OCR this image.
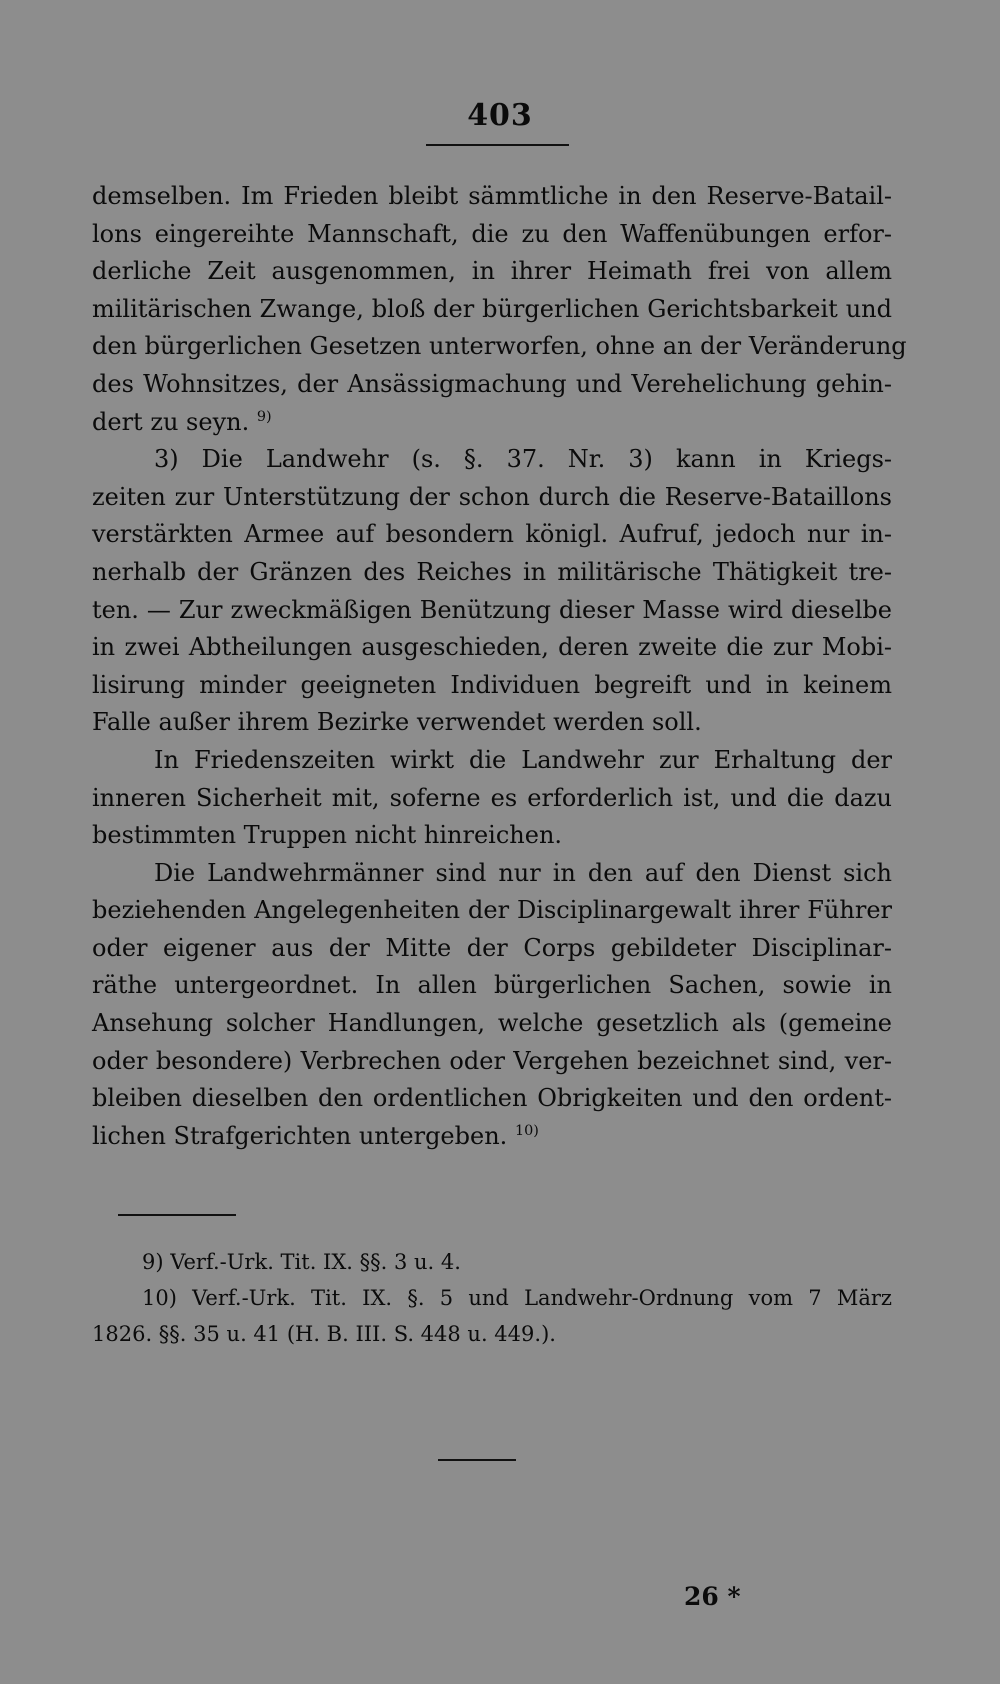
403
demselben. Im Frieden bleibt sämmtliche in den Reserve-Batail-
lons eingereihte Mannschaft, die zu den Waffenübungen erfor-
derliche Zeit ausgenommen, in ihrer Heimath frei von allem
militärischen Zwange, bloß der bürgerlichen Gerichtsbarkeit und
den bürgerlichen Gesetzen unterworfen, ohne an der Veränderung
des Wohnsitzes, der Ansässigmachung und Verehelichung gehin-
dert zu seyn. $^{9)}$
3) Die Landwehr (s. §. 37. Nr. 3) kann in Kriegs-
zeiten zur Unterstützung der schon durch die Reserve-Bataillons
verstärkten Armee auf besondern königl. Aufruf, jedoch nur in-
nerhalb der Gränzen des Reiches in militärische Thätigkeit tre-
ten. — Zur zweckmäßigen Benützung dieser Masse wird dieselbe
in zwei Abtheilungen ausgeschieden, deren zweite die zur Mobi-
lisirung minder geeigneten Individuen begreift und in keinem
Falle außer ihrem Bezirke verwendet werden soll.
In Friedenszeiten wirkt die Landwehr zur Erhaltung der
inneren Sicherheit mit, soferne es erforderlich ist, und die dazu
bestimmten Truppen nicht hinreichen.
Die Landwehrmänner sind nur in den auf den Dienst sich
beziehenden Angelegenheiten der Disciplinargewalt ihrer Führer
oder eigener aus der Mitte der Corps gebildeter Disciplinar-
räthe untergeordnet. In allen bürgerlichen Sachen, sowie in
Ansehung solcher Handlungen, welche gesetzlich als (gemeine
oder besondere) Verbrechen oder Vergehen bezeichnet sind, ver-
bleiben dieselben den ordentlichen Obrigkeiten und den ordent-
lichen Strafgerichten untergeben. $^{10)}$
9) Verf.-Urk. Tit. IX. §§. 3 u. 4.
10) Verf.-Urk. Tit. IX. §. 5 und Landwehr-Ordnung vom 7 März
1826. §§. 35 u. 41 (H. B. III. S. 448 u. 449.).
26 *
